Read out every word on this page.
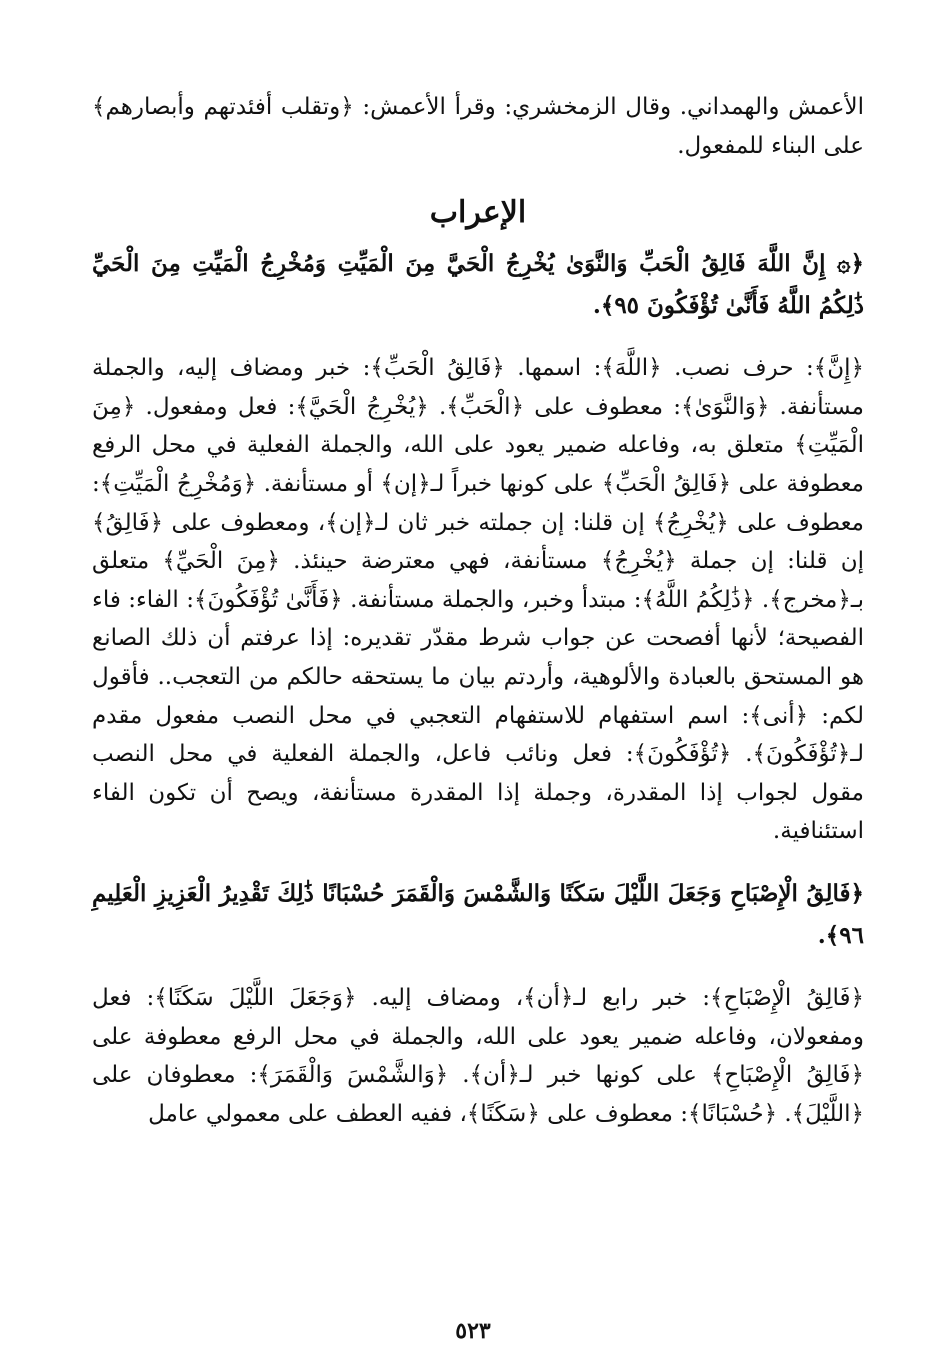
الأعمش والهمداني. وقال الزمخشري: وقرأ الأعمش: ﴿وتقلب أفئدتهم وأبصارهم﴾ على البناء للمفعول.

الإعراب

﴿۞ إِنَّ اللَّهَ فَالِقُ الْحَبِّ وَالنَّوَىٰ يُخْرِجُ الْحَيَّ مِنَ الْمَيِّتِ وَمُخْرِجُ الْمَيِّتِ مِنَ الْحَيِّ ذَٰلِكُمُ اللَّهُ فَأَنَّىٰ تُؤْفَكُونَ ٩٥﴾.

﴿إِنَّ﴾: حرف نصب. ﴿اللَّهَ﴾: اسمها. ﴿فَالِقُ الْحَبِّ﴾: خبر ومضاف إليه، والجملة مستأنفة. ﴿وَالنَّوَىٰ﴾: معطوف على ﴿الْحَبِّ﴾. ﴿يُخْرِجُ الْحَيَّ﴾: فعل ومفعول. ﴿مِنَ الْمَيِّتِ﴾ متعلق به، وفاعله ضمير يعود على الله، والجملة الفعلية في محل الرفع معطوفة على ﴿فَالِقُ الْحَبِّ﴾ على كونها خبراً لـ﴿إن﴾ أو مستأنفة. ﴿وَمُخْرِجُ الْمَيِّتِ﴾: معطوف على ﴿يُخْرِجُ﴾ إن قلنا: إن جملته خبر ثان لـ﴿إن﴾، ومعطوف على ﴿فَالِقُ﴾ إن قلنا: إن جملة ﴿يُخْرِجُ﴾ مستأنفة، فهي معترضة حينئذ. ﴿مِنَ الْحَيِّ﴾ متعلق بـ﴿مخرج﴾. ﴿ذَٰلِكُمُ اللَّهُ﴾: مبتدأ وخبر، والجملة مستأنفة. ﴿فَأَنَّىٰ تُؤْفَكُونَ﴾: الفاء: فاء الفصيحة؛ لأنها أفصحت عن جواب شرط مقدّر تقديره: إذا عرفتم أن ذلك الصانع هو المستحق بالعبادة والألوهية، وأردتم بيان ما يستحقه حالكم من التعجب.. فأقول لكم: ﴿أنى﴾: اسم استفهام للاستفهام التعجبي في محل النصب مفعول مقدم لـ﴿تُؤْفَكُونَ﴾. ﴿تُؤْفَكُونَ﴾: فعل ونائب فاعل، والجملة الفعلية في محل النصب مقول لجواب إذا المقدرة، وجملة إذا المقدرة مستأنفة، ويصح أن تكون الفاء استئنافية.

﴿فَالِقُ الْإِصْبَاحِ وَجَعَلَ اللَّيْلَ سَكَنًا وَالشَّمْسَ وَالْقَمَرَ حُسْبَانًا ذَٰلِكَ تَقْدِيرُ الْعَزِيزِ الْعَلِيمِ ٩٦﴾.

﴿فَالِقُ الْإِصْبَاحِ﴾: خبر رابع لـ﴿أن﴾، ومضاف إليه. ﴿وَجَعَلَ اللَّيْلَ سَكَنًا﴾: فعل ومفعولان، وفاعله ضمير يعود على الله، والجملة في محل الرفع معطوفة على ﴿فَالِقُ الْإِصْبَاحِ﴾ على كونها خبر لـ﴿أن﴾. ﴿وَالشَّمْسَ وَالْقَمَرَ﴾: معطوفان على ﴿اللَّيْلَ﴾. ﴿حُسْبَانًا﴾: معطوف على ﴿سَكَنًا﴾، ففيه العطف على معمولي عامل

٥٢٣
